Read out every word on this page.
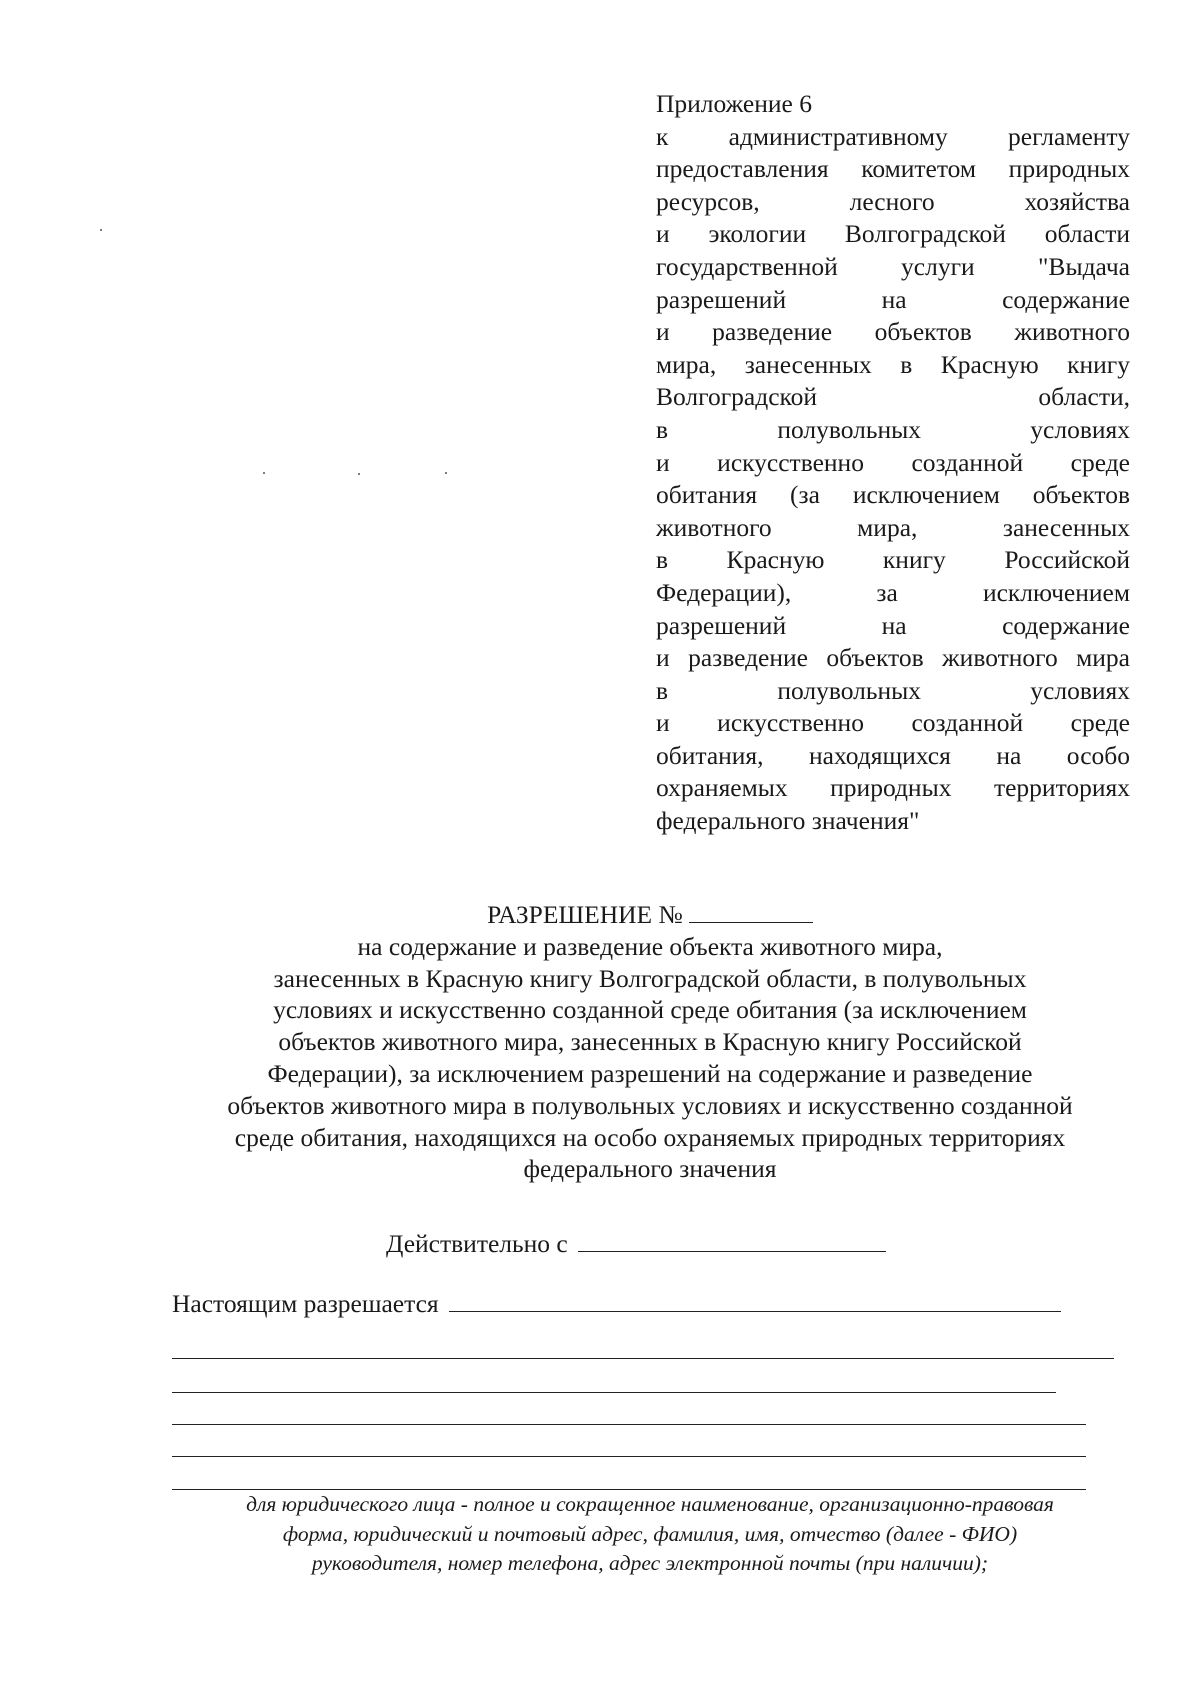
Приложение 6
к административному регламенту
предоставления комитетом природных
ресурсов, лесного хозяйства
и экологии Волгоградской области
государственной услуги "Выдача
разрешений на содержание
и разведение объектов животного
мира, занесенных в Красную книгу
Волгоградской области,
в полувольных условиях
и искусственно созданной среде
обитания (за исключением объектов
животного мира, занесенных
в Красную книгу Российской
Федерации), за исключением
разрешений на содержание
и разведение объектов животного мира
в полувольных условиях
и искусственно созданной среде
обитания, находящихся на особо
охраняемых природных территориях
федерального значения"
РАЗРЕШЕНИЕ №
на содержание и разведение объекта животного мира,
занесенных в Красную книгу Волгоградской области, в полувольных
условиях и искусственно созданной среде обитания (за исключением
объектов животного мира, занесенных в Красную книгу Российской
Федерации), за исключением разрешений на содержание и разведение
объектов животного мира в полувольных условиях и искусственно созданной
среде обитания, находящихся на особо охраняемых природных территориях
федерального значения
Действительно с
Настоящим разрешается
для юридического лица - полное и сокращенное наименование, организационно-правовая
форма, юридический и почтовый адрес, фамилия, имя, отчество (далее - ФИО)
руководителя, номер телефона, адрес электронной почты (при наличии);
